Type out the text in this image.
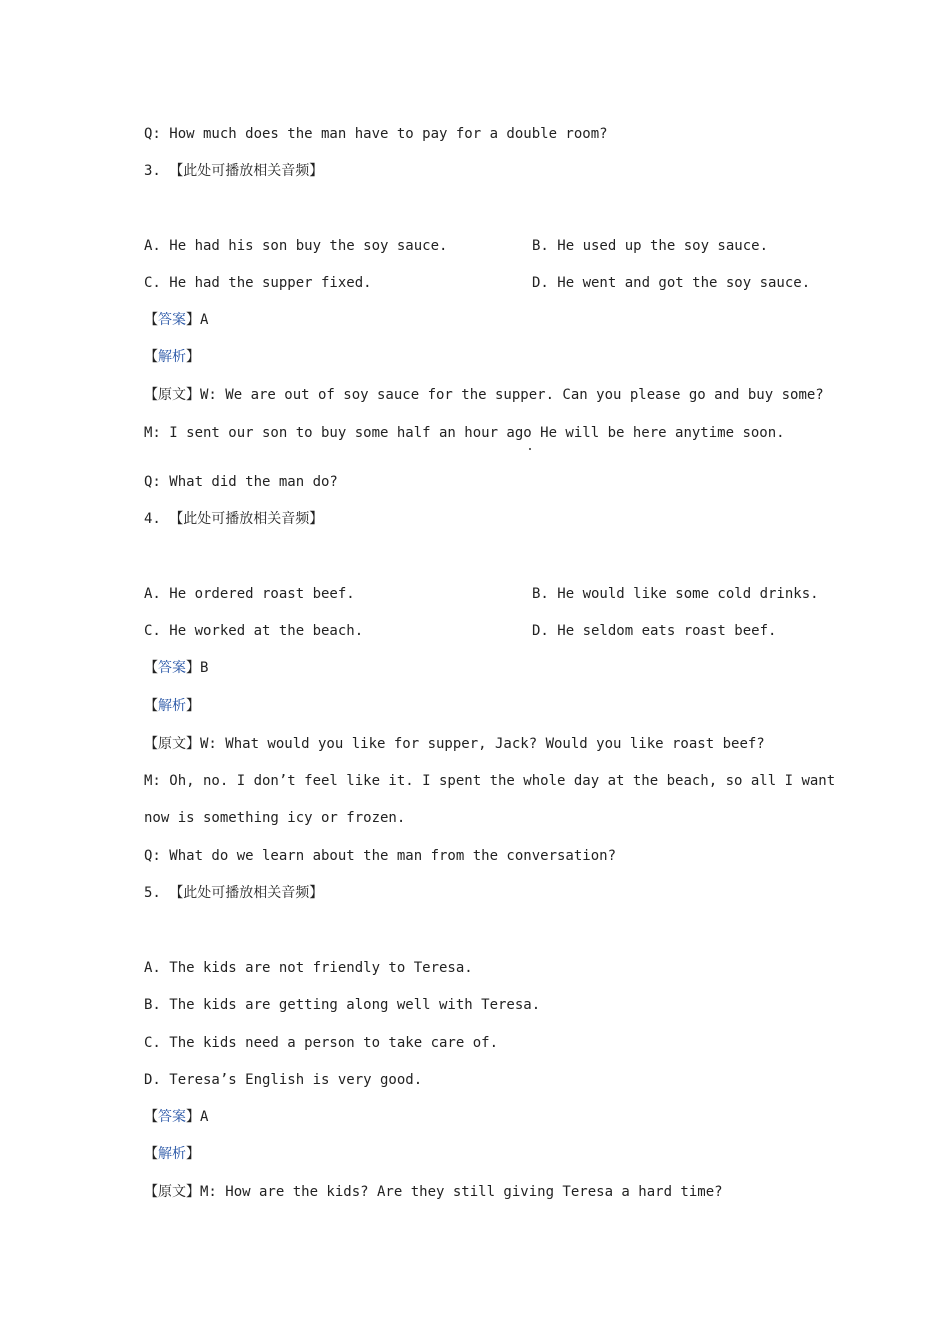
Q: How much does the man have to pay for a double room?
3. 【此处可播放相关音频】
A. He had his son buy the soy sauce.	B. He used up the soy sauce.
C. He had the supper fixed.	D. He went and got the soy sauce.
【答案】A
【解析】
【原文】W: We are out of soy sauce for the supper. Can you please go and buy some?
M: I sent our son to buy some half an hour ago He will be here anytime soon.
Q: What did the man do?
4. 【此处可播放相关音频】
A. He ordered roast beef.	B. He would like some cold drinks.
C. He worked at the beach.	D. He seldom eats roast beef.
【答案】B
【解析】
【原文】W: What would you like for supper, Jack? Would you like roast beef?
M: Oh, no. I don’t feel like it. I spent the whole day at the beach, so all I want
now is something icy or frozen.
Q: What do we learn about the man from the conversation?
5. 【此处可播放相关音频】
A. The kids are not friendly to Teresa.
B. The kids are getting along well with Teresa.
C. The kids need a person to take care of.
D. Teresa’s English is very good.
【答案】A
【解析】
【原文】M: How are the kids? Are they still giving Teresa a hard time?
